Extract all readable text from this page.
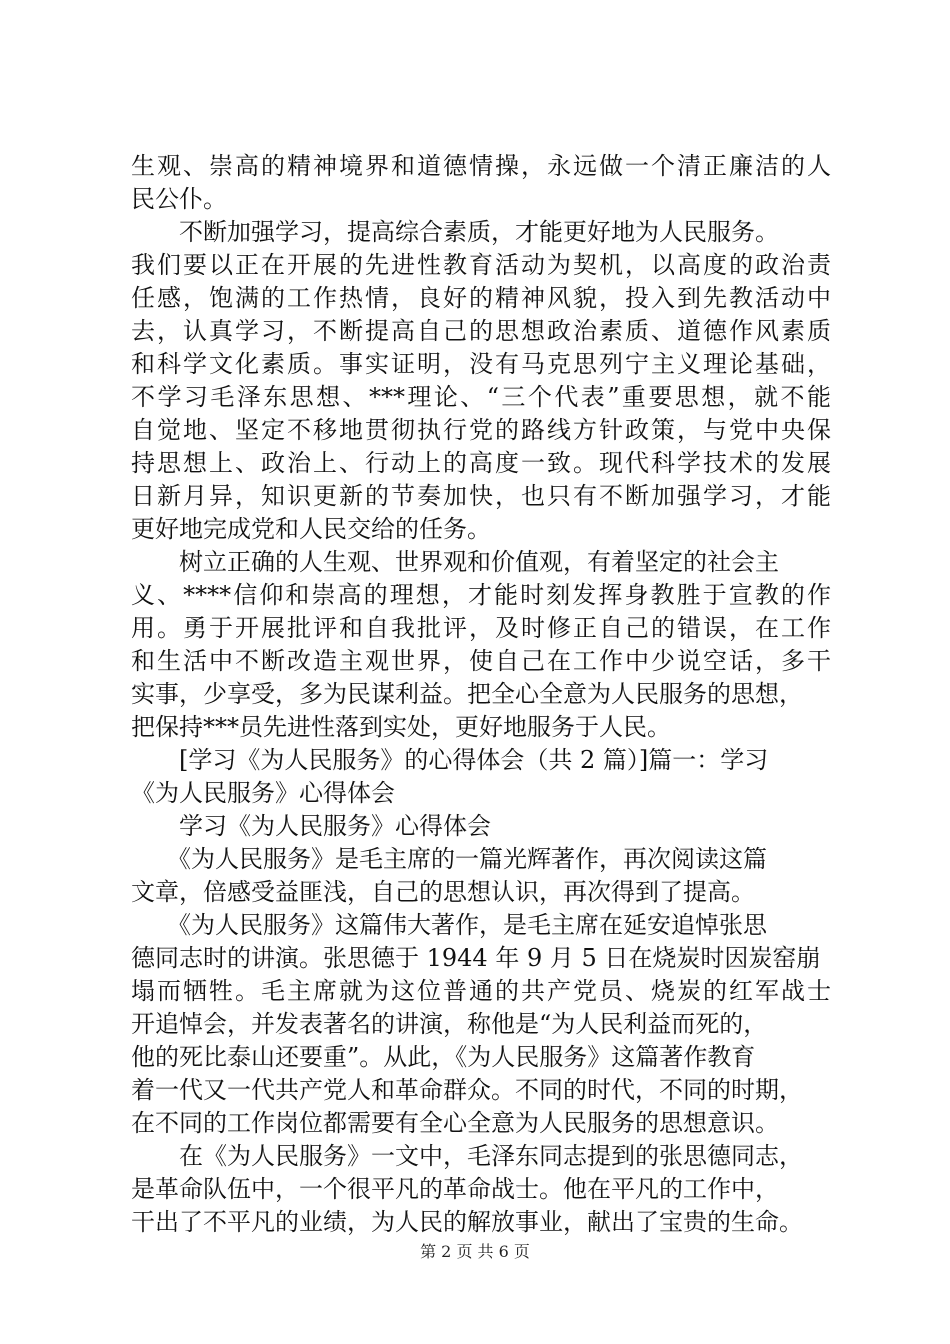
生观、崇高的精神境界和道德情操，永远做一个清正廉洁的人
民公仆。
　　不断加强学习，提高综合素质，才能更好地为人民服务。
我们要以正在开展的先进性教育活动为契机，以高度的政治责
任感，饱满的工作热情，良好的精神风貌，投入到先教活动中
去，认真学习，不断提高自己的思想政治素质、道德作风素质
和科学文化素质。事实证明，没有马克思列宁主义理论基础，
不学习毛泽东思想、***理论、“三个代表”重要思想，就不能
自觉地、坚定不移地贯彻执行党的路线方针政策，与党中央保
持思想上、政治上、行动上的高度一致。现代科学技术的发展
日新月异，知识更新的节奏加快，也只有不断加强学习，才能
更好地完成党和人民交给的任务。
　　树立正确的人生观、世界观和价值观，有着坚定的社会主
义、****信仰和崇高的理想，才能时刻发挥身教胜于宣教的作
用。勇于开展批评和自我批评，及时修正自己的错误，在工作
和生活中不断改造主观世界，使自己在工作中少说空话，多干
实事，少享受，多为民谋利益。把全心全意为人民服务的思想，
把保持***员先进性落到实处，更好地服务于人民。
　　[学习《为人民服务》的心得体会（共 2 篇）]篇一：学习
《为人民服务》心得体会
　　学习《为人民服务》心得体会
　　《为人民服务》是毛主席的一篇光辉著作，再次阅读这篇
文章，倍感受益匪浅，自己的思想认识，再次得到了提高。
　　《为人民服务》这篇伟大著作，是毛主席在延安追悼张思
德同志时的讲演。张思德于 1944 年 9 月 5 日在烧炭时因炭窑崩
塌而牺牲。毛主席就为这位普通的共产党员、烧炭的红军战士
开追悼会，并发表著名的讲演，称他是“为人民利益而死的，
他的死比泰山还要重”。从此，《为人民服务》这篇著作教育
着一代又一代共产党人和革命群众。不同的时代，不同的时期，
在不同的工作岗位都需要有全心全意为人民服务的思想意识。
　　在《为人民服务》一文中，毛泽东同志提到的张思德同志，
是革命队伍中，一个很平凡的革命战士。他在平凡的工作中，
干出了不平凡的业绩，为人民的解放事业，献出了宝贵的生命。
第 2 页 共 6 页
